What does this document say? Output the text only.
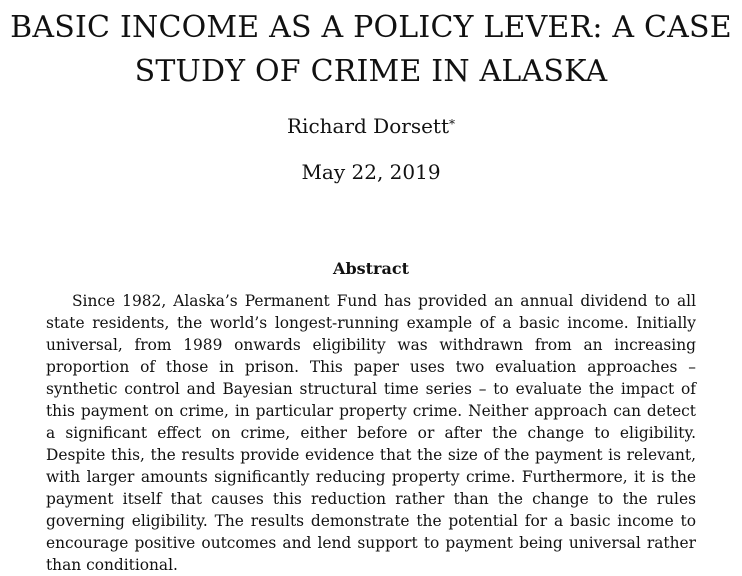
BASIC INCOME AS A POLICY LEVER: A CASE
STUDY OF CRIME IN ALASKA
Richard Dorsett*
May 22, 2019
Abstract

Since 1982, Alaska’s Permanent Fund has provided an annual dividend to all state residents, the world’s longest-running example of a basic income. Initially universal, from 1989 onwards eligibility was withdrawn from an increasing proportion of those in prison. This paper uses two evaluation approaches – synthetic control and Bayesian structural time series – to evaluate the impact of this payment on crime, in particular property crime. Neither approach can detect a significant effect on crime, either before or after the change to eligibility. Despite this, the results provide evidence that the size of the payment is relevant, with larger amounts significantly reducing property crime. Furthermore, it is the payment itself that causes this reduction rather than the change to the rules governing eligibility. The results demonstrate the potential for a basic income to encourage positive outcomes and lend support to payment being universal rather than conditional.
